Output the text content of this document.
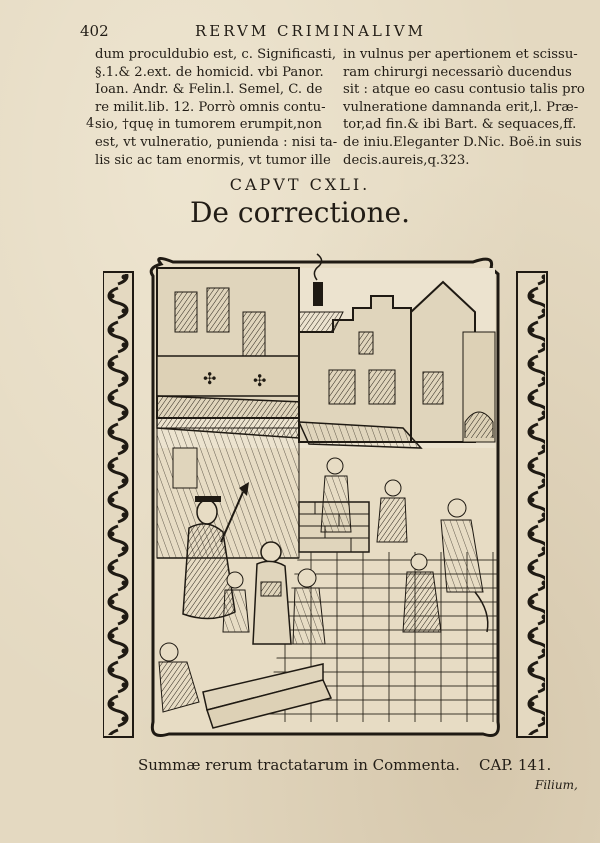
402	RERVM CRIMINALIVM
dum proculdubio est, c. Significasti,
§.1.& 2.ext. de homicid. vbi Panor.
Ioan. Andr. & Felin.l. Semel, C. de
re milit.lib. 12. Porrò omnis contu-
sio, †quę in tumorem erumpit,non
est, vt vulneratio, punienda : nisi ta-
lis sic ac tam enormis, vt tumor ille
4
in vulnus per apertionem et scissu-
ram chirurgi necessariò ducendus
sit : atque eo casu contusio talis pro
vulneratione damnanda erit,l. Præ-
tor,ad fin.& ibi Bart. & sequaces,ff.
de iniu.Eleganter D.Nic. Boë.in suis
decis.aureis,q.323.
CAPVT CXLI.
De correctione.
✣ ✣
Summæ rerum tractatarum in Commenta. CAP. 141.
Filium,
